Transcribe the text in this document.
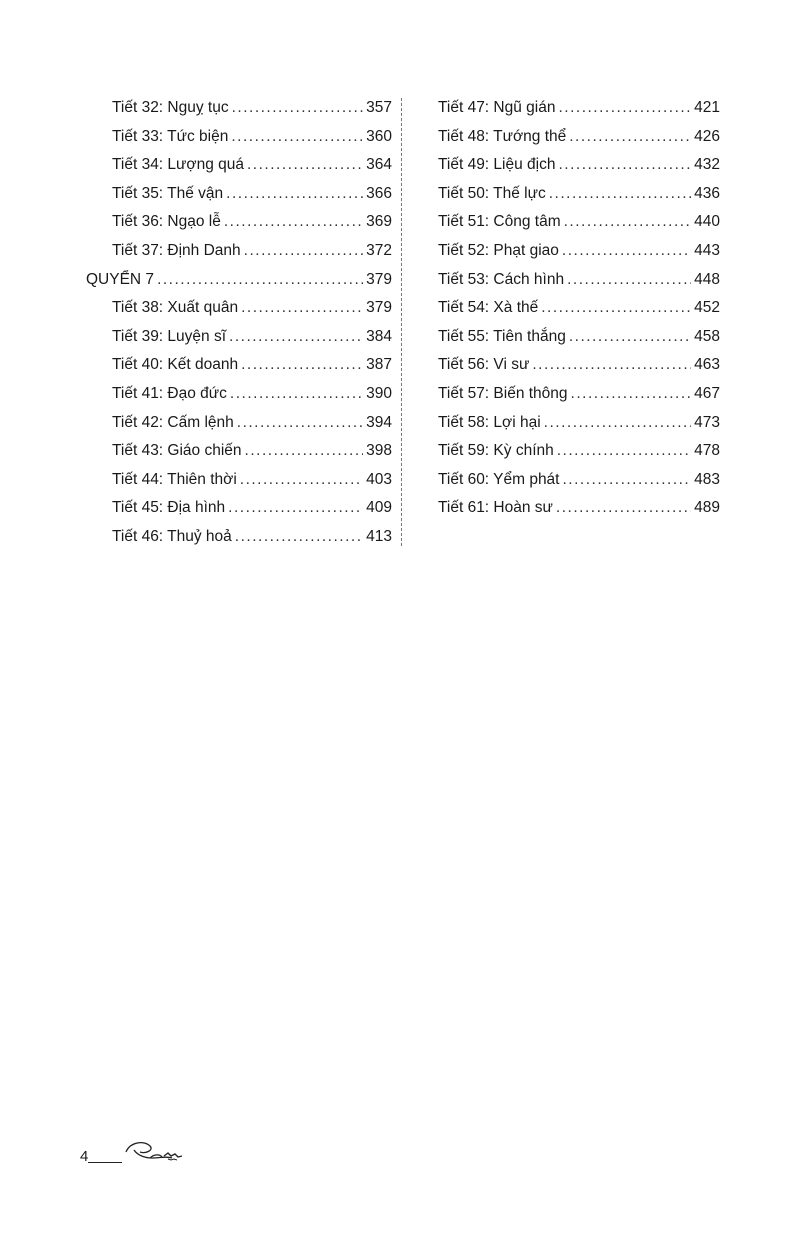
Tiết 32: Nguỵ tục .....	357
Tiết 33: Tức biện .....	360
Tiết 34: Lượng quá .....	364
Tiết 35: Thế vận .....	366
Tiết 36: Ngạo lễ .....	369
Tiết 37: Định Danh .....	372
QUYỂN 7 .....	379
Tiết 38: Xuất quân .....	379
Tiết 39: Luyện sĩ .....	384
Tiết 40: Kết doanh .....	387
Tiết 41: Đạo đức .....	390
Tiết 42: Cấm lệnh .....	394
Tiết 43: Giáo chiến .....	398
Tiết 44: Thiên thời .....	403
Tiết 45: Địa hình .....	409
Tiết 46: Thuỷ hoả .....	413
Tiết 47: Ngũ gián .....	421
Tiết 48: Tướng thể .....	426
Tiết 49: Liệu địch .....	432
Tiết 50: Thế lực .....	436
Tiết 51: Công tâm .....	440
Tiết 52: Phạt giao .....	443
Tiết 53: Cách hình .....	448
Tiết 54: Xà thế .....	452
Tiết 55: Tiên thắng .....	458
Tiết 56: Vi sư .....	463
Tiết 57: Biến thông .....	467
Tiết 58: Lợi hại .....	473
Tiết 59: Kỳ chính .....	478
Tiết 60: Yểm phát .....	483
Tiết 61: Hoàn sư .....	489
4
